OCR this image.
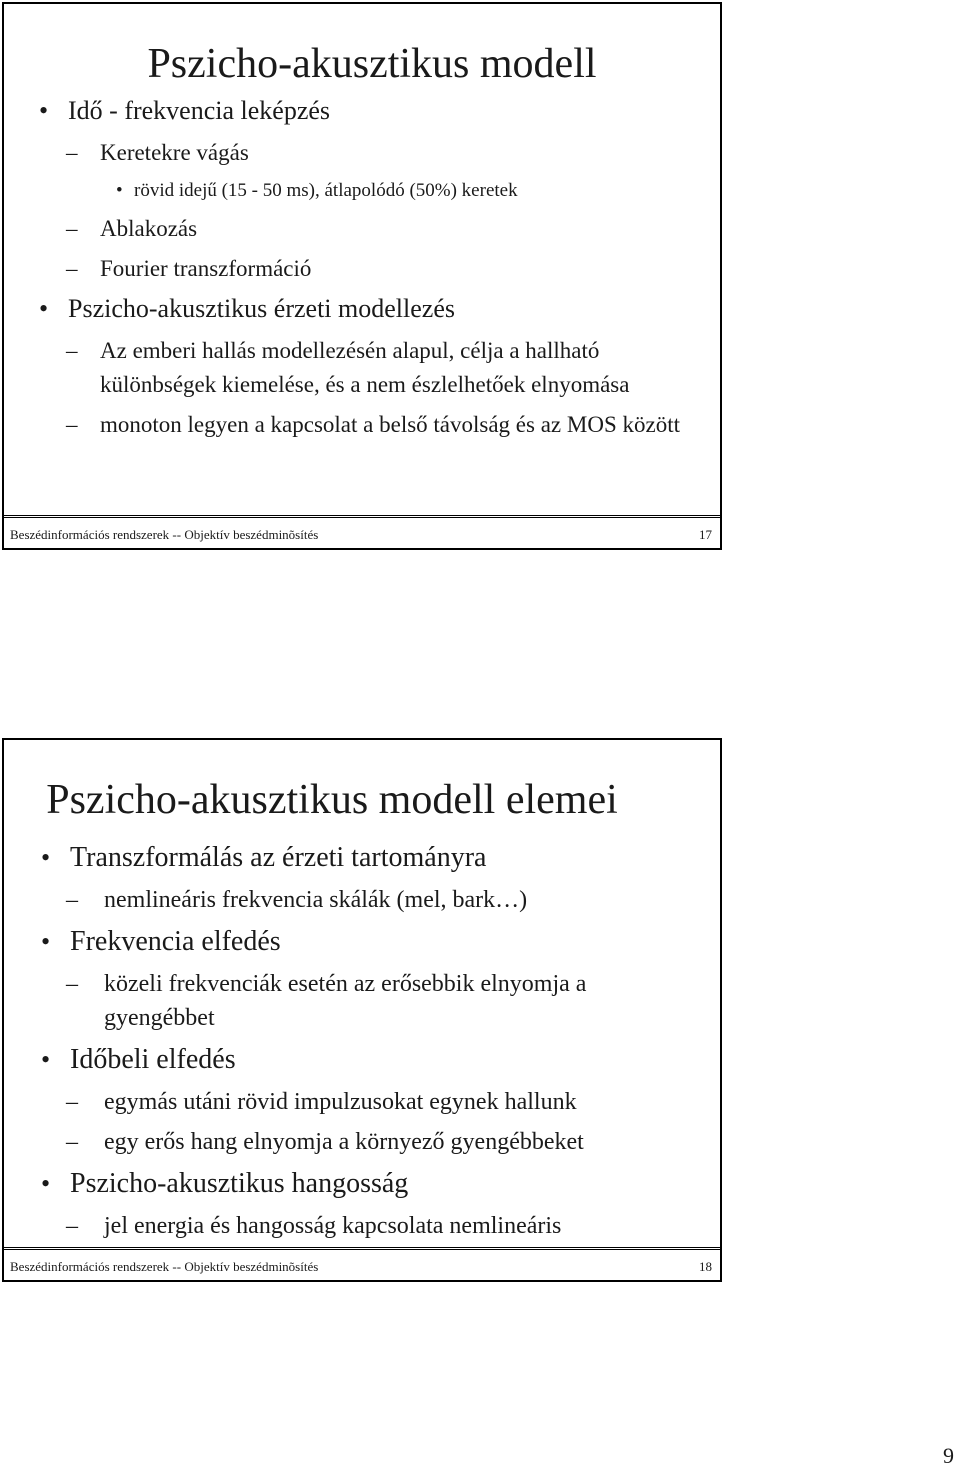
Pszicho-akusztikus modell
• Idő - frekvencia leképzés
– Keretekre vágás
• rövid idejű (15 - 50 ms), átlapolódó (50%) keretek
– Ablakozás
– Fourier transzformáció
• Pszicho-akusztikus érzeti modellezés
– Az emberi hallás modellezésén alapul, célja a hallható különbségek kiemelése, és a nem észlelhetőek elnyomása
– monoton legyen a kapcsolat a belső távolság és az MOS között
Beszédinformációs rendszerek -- Objektív beszédminõsítés	17
Pszicho-akusztikus modell elemei
• Transzformálás az érzeti tartományra
– nemlineáris frekvencia skálák (mel, bark…)
• Frekvencia elfedés
– közeli frekvenciák esetén az erősebbik elnyomja a gyengébbet
• Időbeli elfedés
– egymás utáni rövid impulzusokat egynek hallunk
– egy erős hang elnyomja a környező gyengébbeket
• Pszicho-akusztikus hangosság
– jel energia és hangosság kapcsolata nemlineáris
Beszédinformációs rendszerek -- Objektív beszédminõsítés	18
9
